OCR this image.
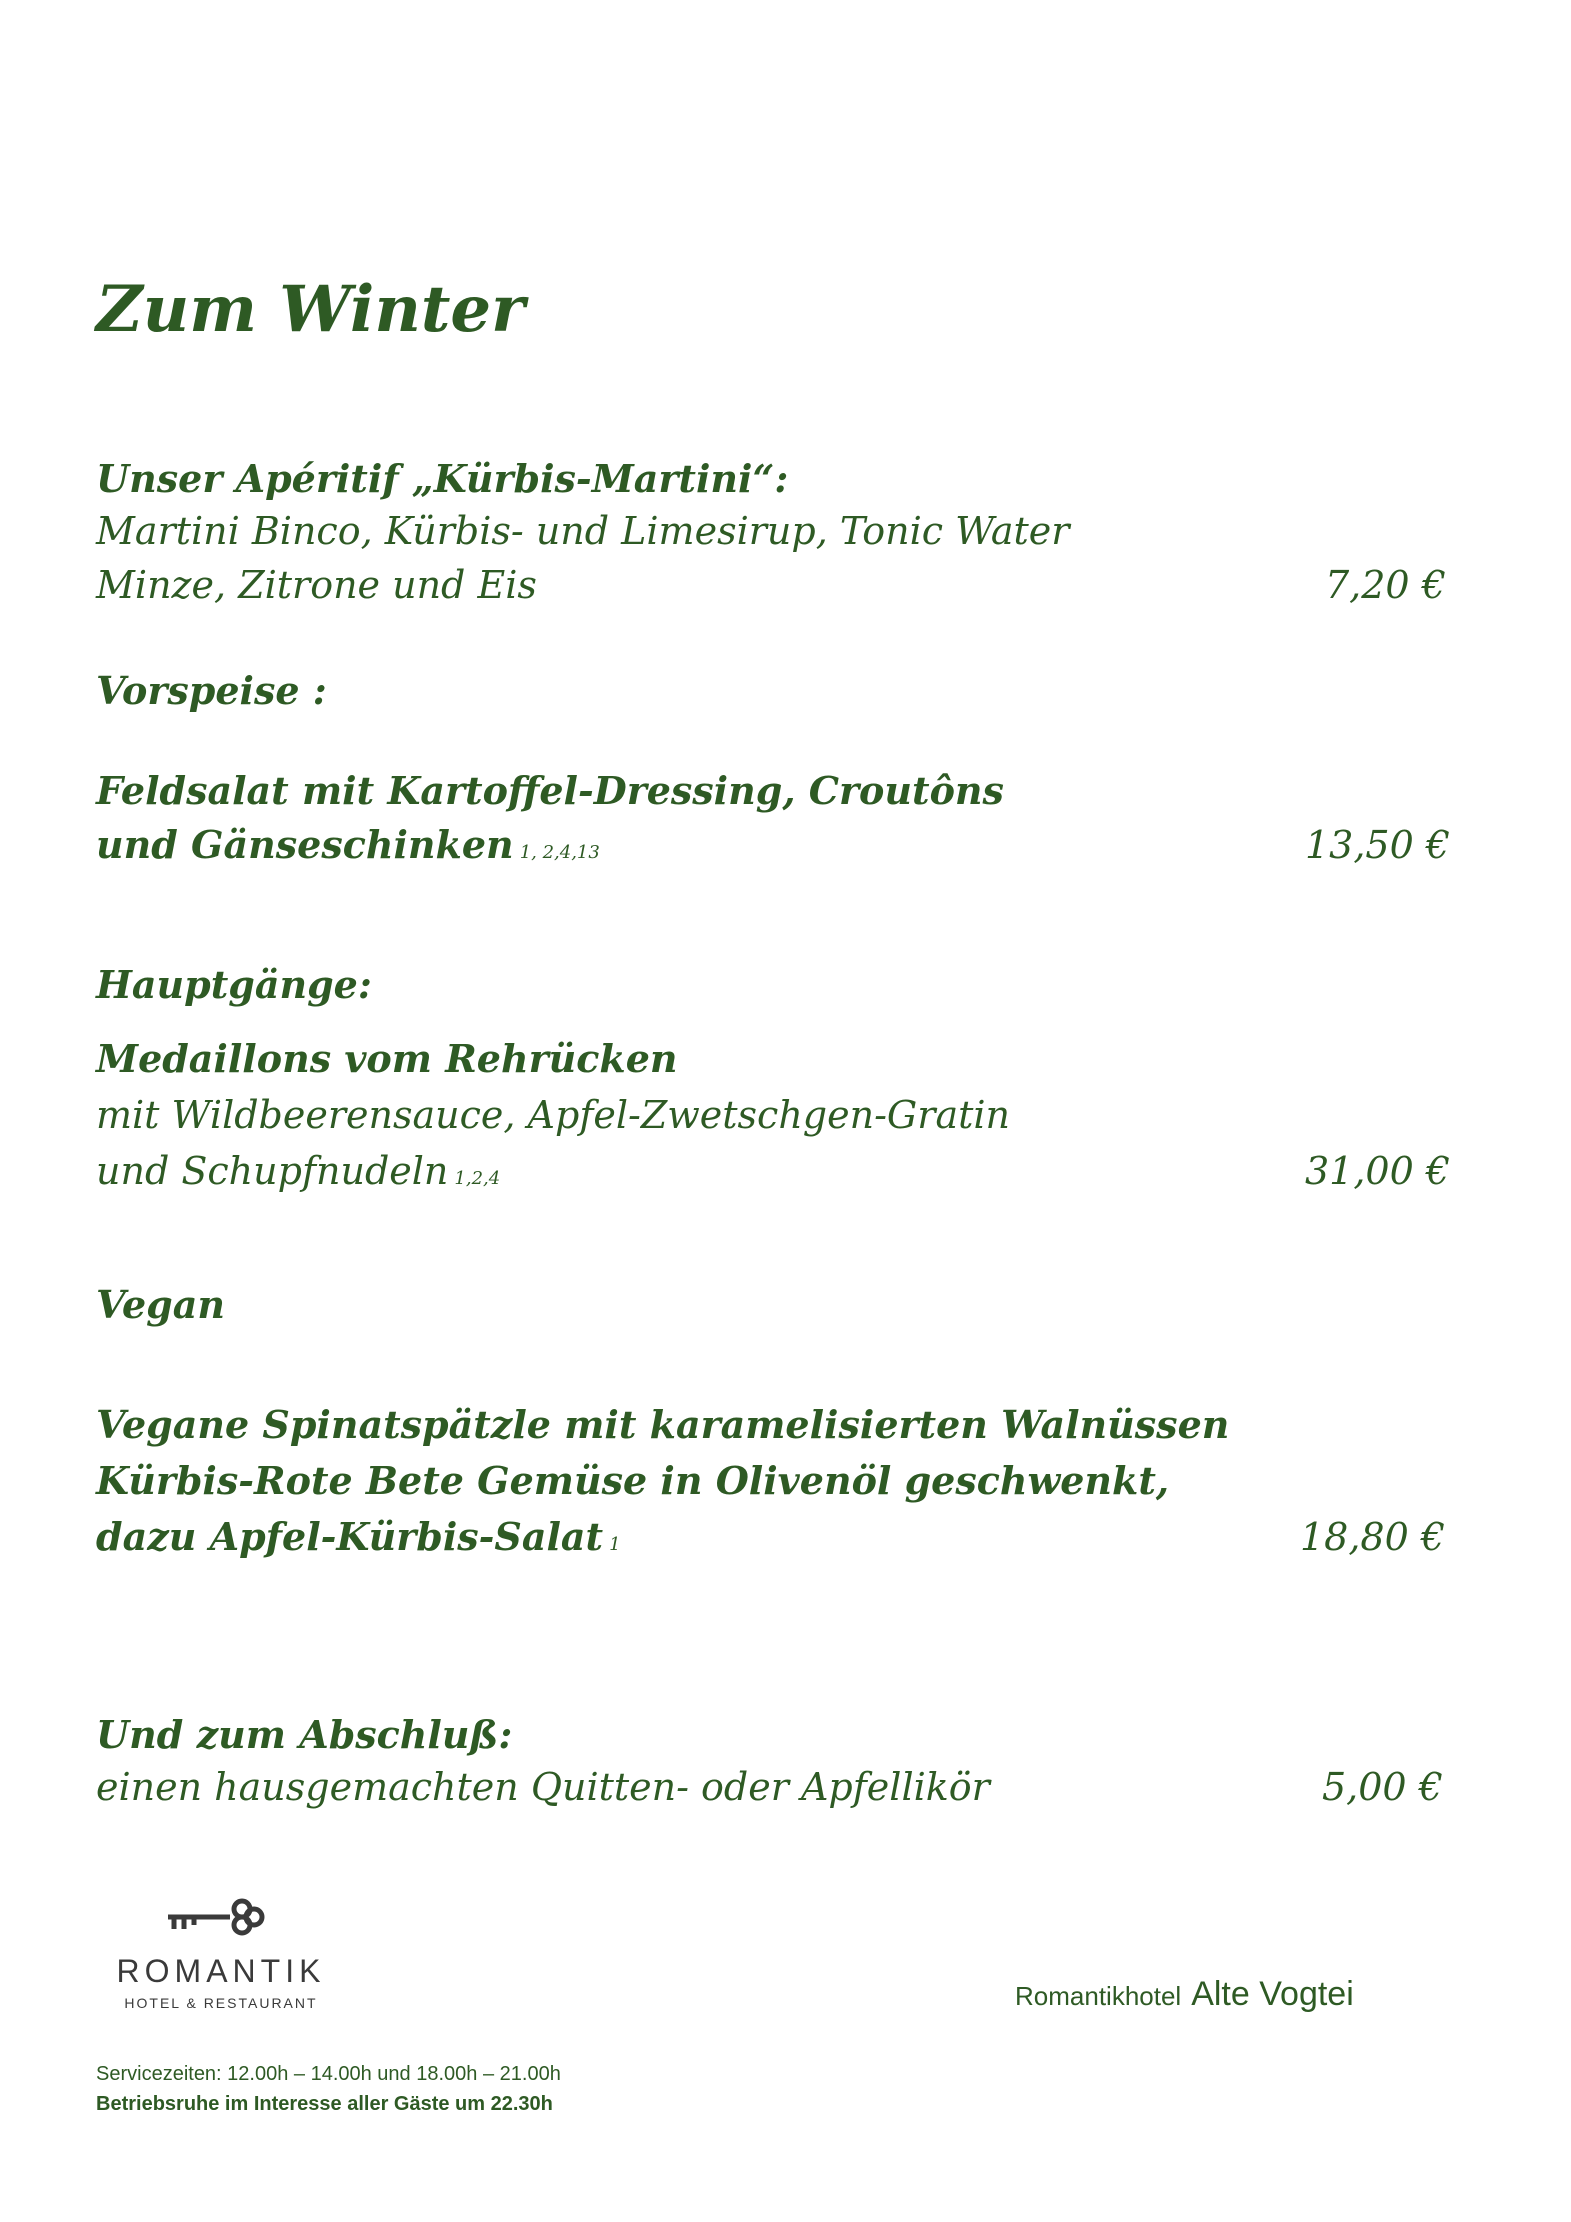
Zum Winter
Unser Apéritif „Kürbis-Martini“:
Martini Binco, Kürbis- und Limesirup, Tonic Water
Minze, Zitrone und Eis	7,20 €
Vorspeise :
Feldsalat mit Kartoffel-Dressing, Croutôns
und Gänseschinken 1, 2,4,13	13,50 €
Hauptgänge:
Medaillons vom Rehrücken
mit Wildbeerensauce, Apfel-Zwetschgen-Gratin
und Schupfnudeln 1,2,4	31,00 €
Vegan
Vegane Spinatspätzle mit karamelisierten Walnüssen
Kürbis-Rote Bete Gemüse in Olivenöl geschwenkt,
dazu Apfel-Kürbis-Salat 1	18,80 €
Und zum Abschluß:
einen hausgemachten Quitten- oder Apfellikör	5,00 €
ROMANTIK
HOTEL & RESTAURANT	Romantikhotel Alte Vogtei
Servicezeiten: 12.00h – 14.00h und 18.00h – 21.00h
Betriebsruhe im Interesse aller Gäste um 22.30h
